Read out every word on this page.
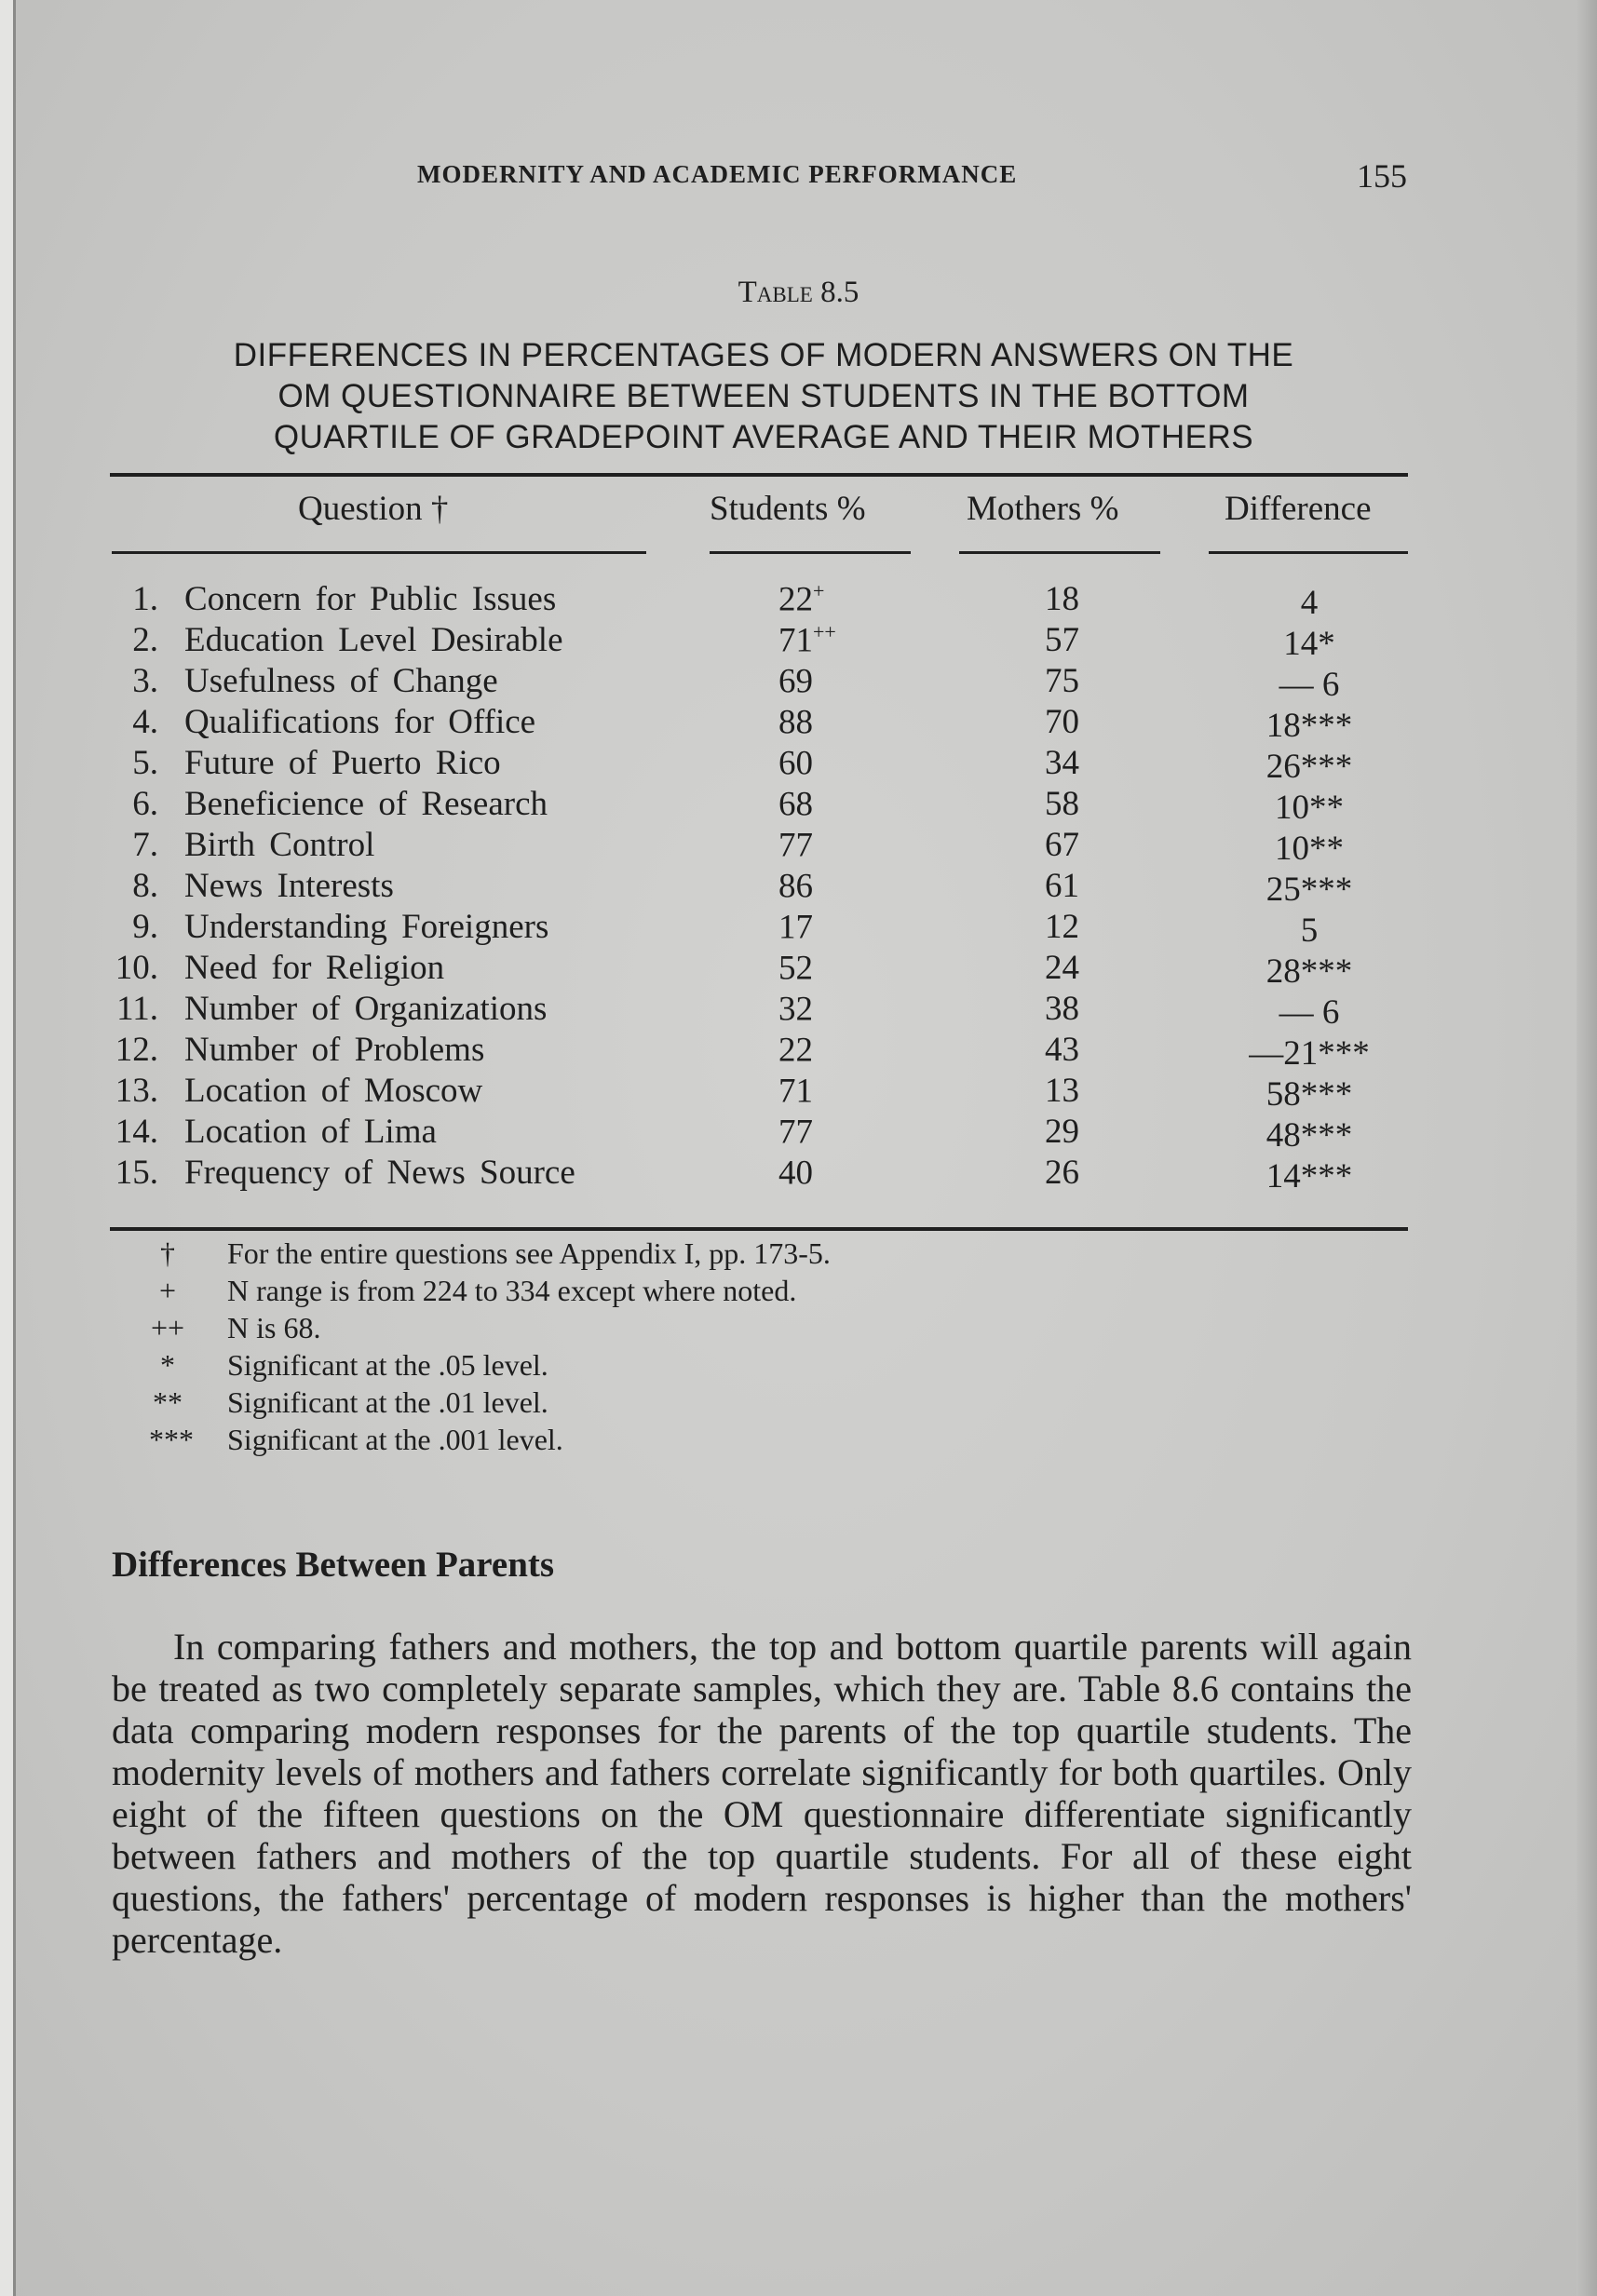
MODERNITY AND ACADEMIC PERFORMANCE	155
Table 8.5
DIFFERENCES IN PERCENTAGES OF MODERN ANSWERS ON THE
OM QUESTIONNAIRE BETWEEN STUDENTS IN THE BOTTOM
QUARTILE OF GRADEPOINT AVERAGE AND THEIR MOTHERS
Question †	Students %	Mothers %	Difference
1. Concern for Public Issues	22+	18	4
2. Education Level Desirable	71++	57	14*
3. Usefulness of Change	69	75	— 6
4. Qualifications for Office	88	70	18***
5. Future of Puerto Rico	60	34	26***
6. Beneficience of Research	68	58	10**
7. Birth Control	77	67	10**
8. News Interests	86	61	25***
9. Understanding Foreigners	17	12	5
10. Need for Religion	52	24	28***
11. Number of Organizations	32	38	— 6
12. Number of Problems	22	43	—21***
13. Location of Moscow	71	13	58***
14. Location of Lima	77	29	48***
15. Frequency of News Source	40	26	14***
†	For the entire questions see Appendix I, pp. 173-5.
+	N range is from 224 to 334 except where noted.
++ N is 68.
*	Significant at the .05 level.
** Significant at the .01 level.
*** Significant at the .001 level.
Differences Between Parents
In comparing fathers and mothers, the top and bottom quartile parents will again be treated as two completely separate samples, which they are. Table 8.6 contains the data comparing modern responses for the parents of the top quartile students. The modernity levels of mothers and fathers correlate significantly for both quartiles. Only eight of the fifteen questions on the OM questionnaire differentiate significantly between fathers and mothers of the top quartile students. For all of these eight questions, the fathers' percentage of modern responses is higher than the mothers' percentage.
